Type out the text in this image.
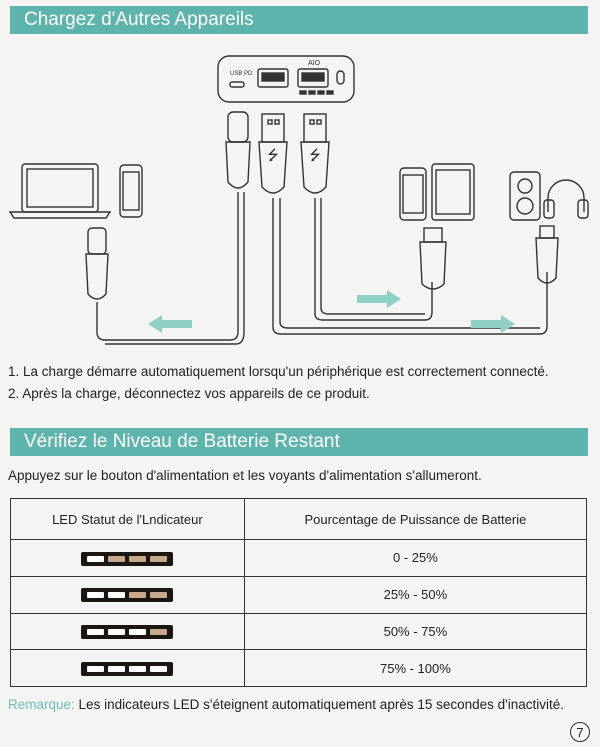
Chargez d'Autres Appareils
⭍ ⭍
USB PD
AIO
1. La charge démarre automatiquement lorsqu'un périphérique est correctement connecté.
2. Après la charge, déconnectez vos appareils de ce produit.
Vérifiez le Niveau de Batterie Restant
Appuyez sur le bouton d'alimentation et les voyants d'alimentation s'allumeront.
LED Statut de l'Lndicateur	Pourcentage de Puissance de Batterie

	0 - 25%

	25% - 50%

	50% - 75%

	75% - 100%
Remarque: Les indicateurs LED s'éteignent automatiquement après 15 secondes d'inactivité.
7
